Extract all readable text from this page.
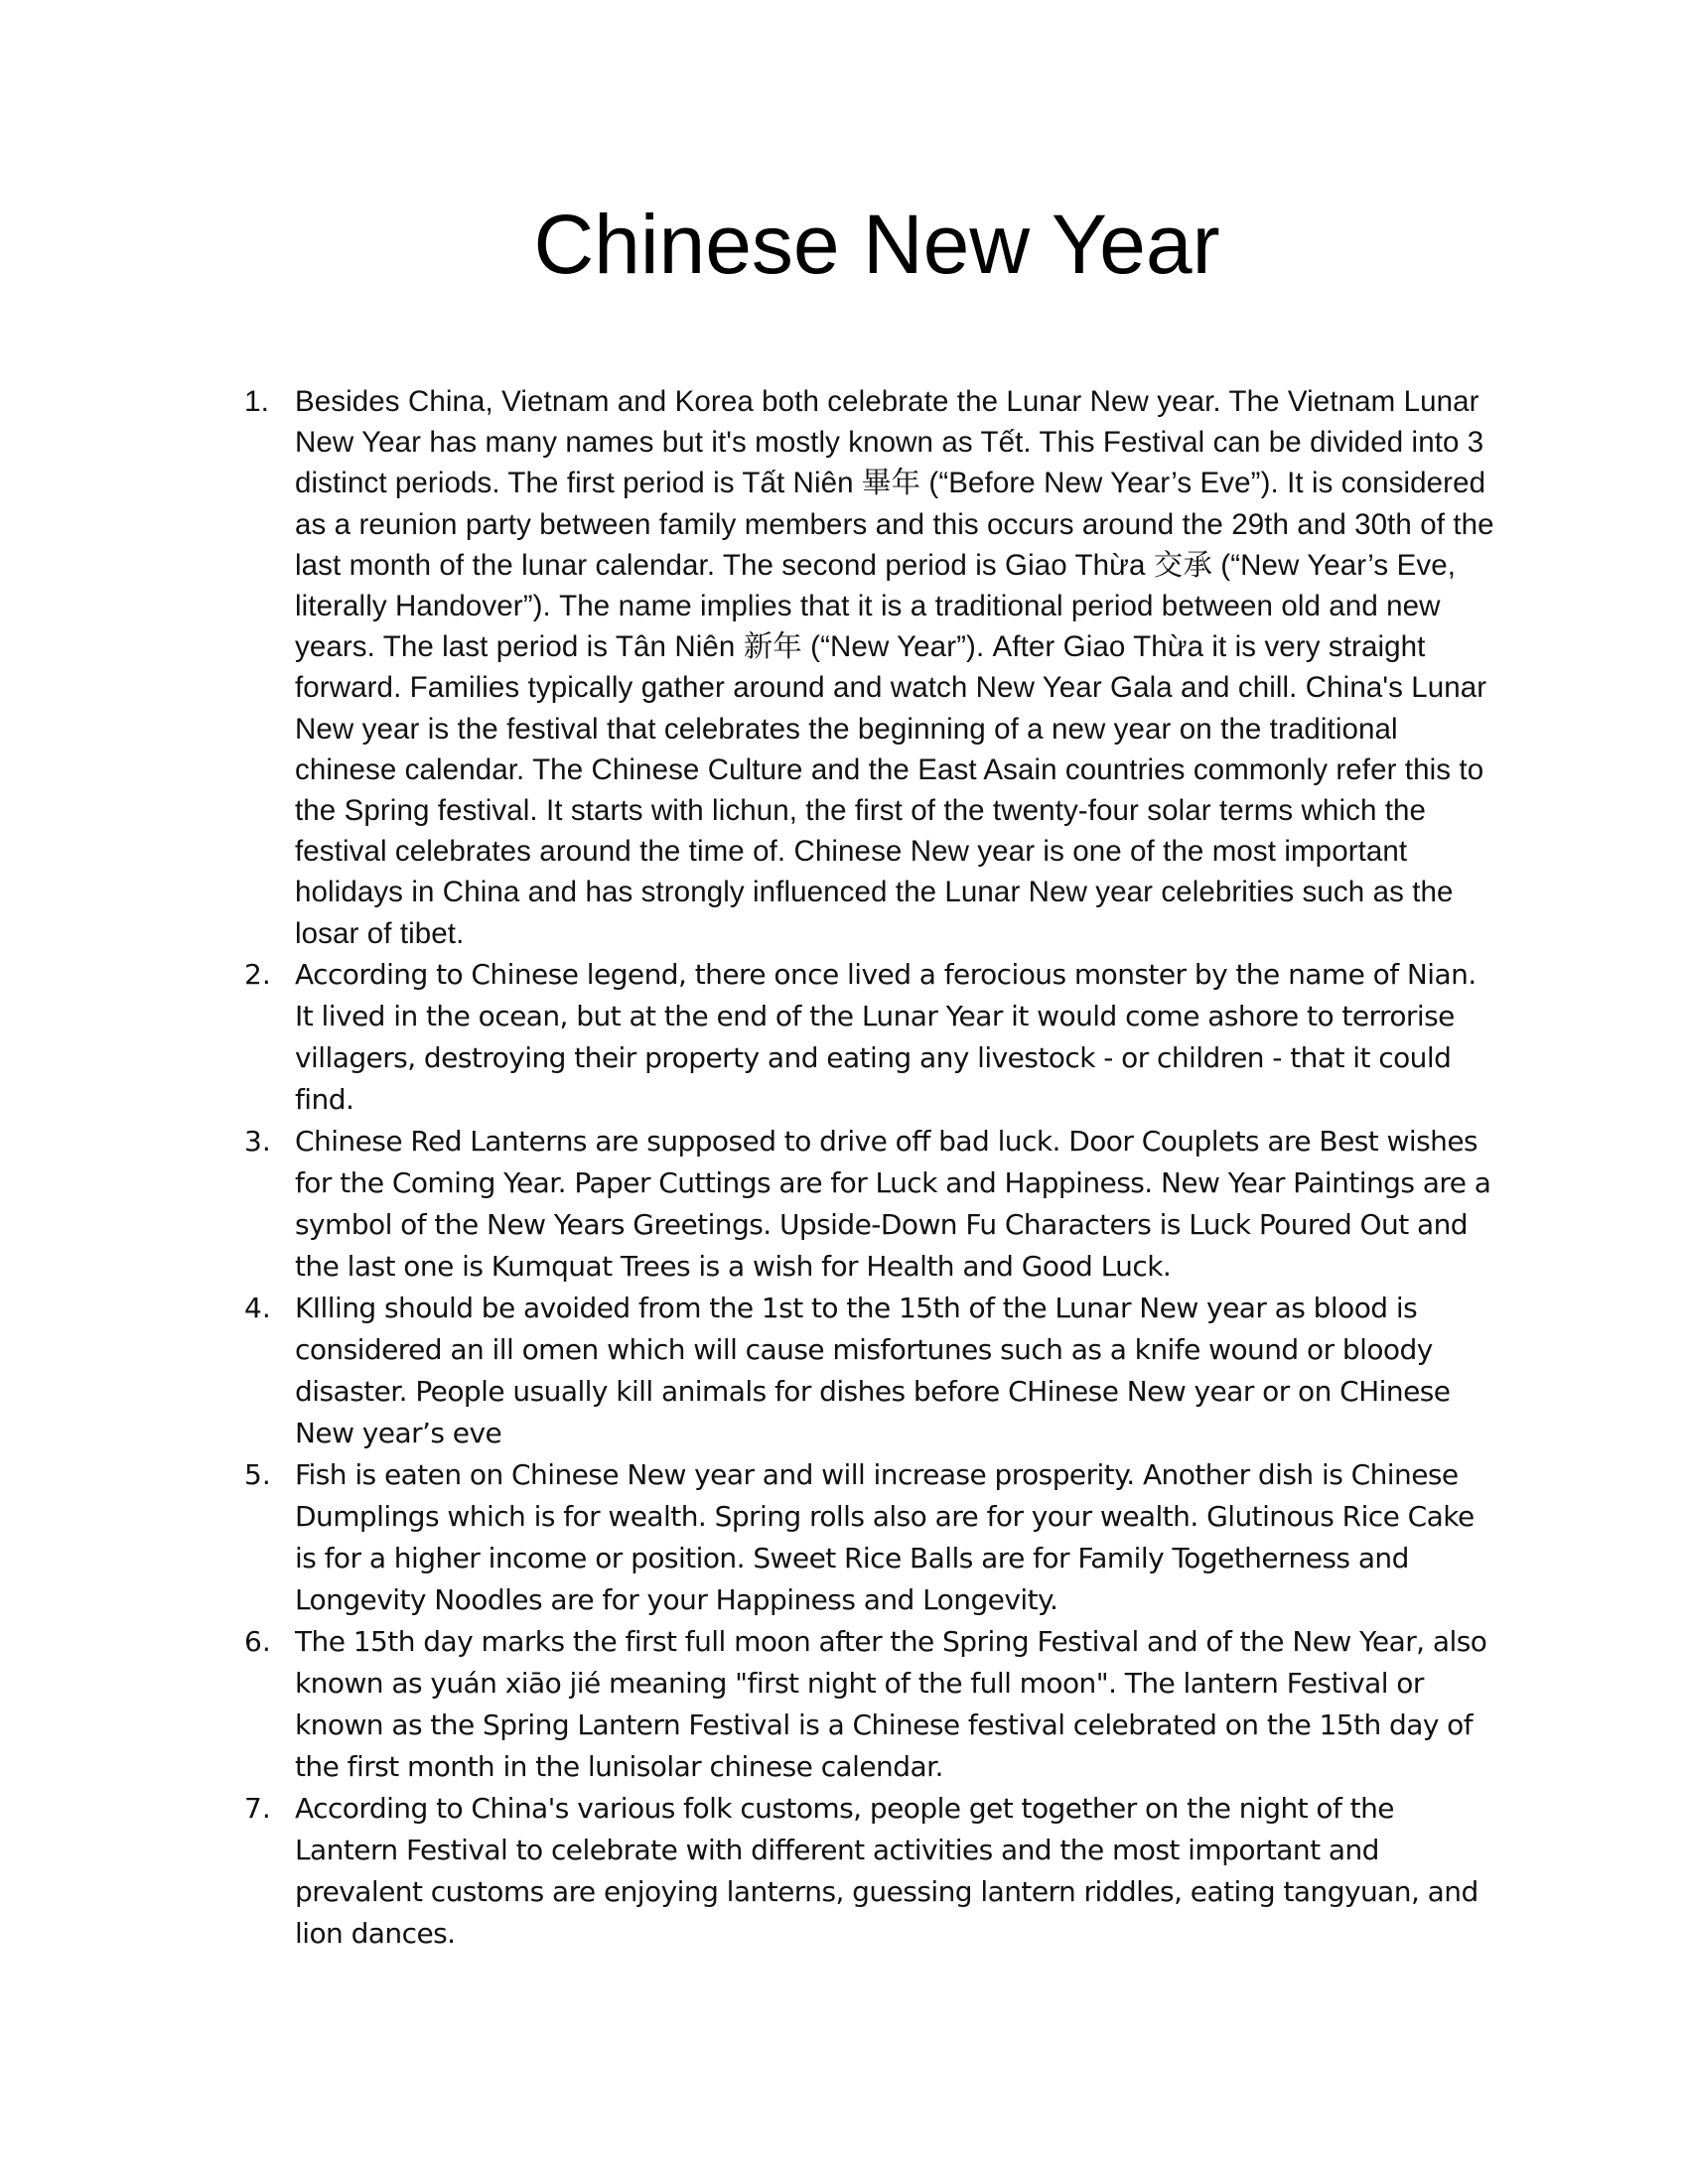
Chinese New Year
1. Besides China, Vietnam and Korea both celebrate the Lunar New year. The Vietnam Lunar New Year has many names but it's mostly known as Tết. This Festival can be divided into 3 distinct periods. The first period is Tất Niên 畢年 (“Before New Year’s Eve”). It is considered as a reunion party between family members and this occurs around the 29th and 30th of the last month of the lunar calendar. The second period is Giao Thừa 交承 (“New Year’s Eve, literally Handover”). The name implies that it is a traditional period between old and new years. The last period is Tân Niên 新年 (“New Year”). After Giao Thừa it is very straight forward. Families typically gather around and watch New Year Gala and chill. China's Lunar New year is the festival that celebrates the beginning of a new year on the traditional chinese calendar. The Chinese Culture and the East Asain countries commonly refer this to the Spring festival. It starts with lichun, the first of the twenty-four solar terms which the festival celebrates around the time of. Chinese New year is one of the most important holidays in China and has strongly influenced the Lunar New year celebrities such as the losar of tibet.

2. According to Chinese legend, there once lived a ferocious monster by the name of Nian. It lived in the ocean, but at the end of the Lunar Year it would come ashore to terrorise villagers, destroying their property and eating any livestock - or children - that it could find.

3. Chinese Red Lanterns are supposed to drive off bad luck. Door Couplets are Best wishes for the Coming Year. Paper Cuttings are for Luck and Happiness. New Year Paintings are a symbol of the New Years Greetings. Upside-Down Fu Characters is Luck Poured Out and the last one is Kumquat Trees is a wish for Health and Good Luck.

4. KIlling should be avoided from the 1st to the 15th of the Lunar New year as blood is considered an ill omen which will cause misfortunes such as a knife wound or bloody disaster. People usually kill animals for dishes before CHinese New year or on CHinese New year’s eve

5. Fish is eaten on Chinese New year and will increase prosperity. Another dish is Chinese Dumplings which is for wealth. Spring rolls also are for your wealth. Glutinous Rice Cake is for a higher income or position. Sweet Rice Balls are for Family Togetherness and Longevity Noodles are for your Happiness and Longevity.

6. The 15th day marks the first full moon after the Spring Festival and of the New Year, also known as yuán xiāo jié meaning "first night of the full moon". The lantern Festival or known as the Spring Lantern Festival is a Chinese festival celebrated on the 15th day of the first month in the lunisolar chinese calendar.

7. According to China's various folk customs, people get together on the night of the Lantern Festival to celebrate with different activities and the most important and prevalent customs are enjoying lanterns, guessing lantern riddles, eating tangyuan, and lion dances.
